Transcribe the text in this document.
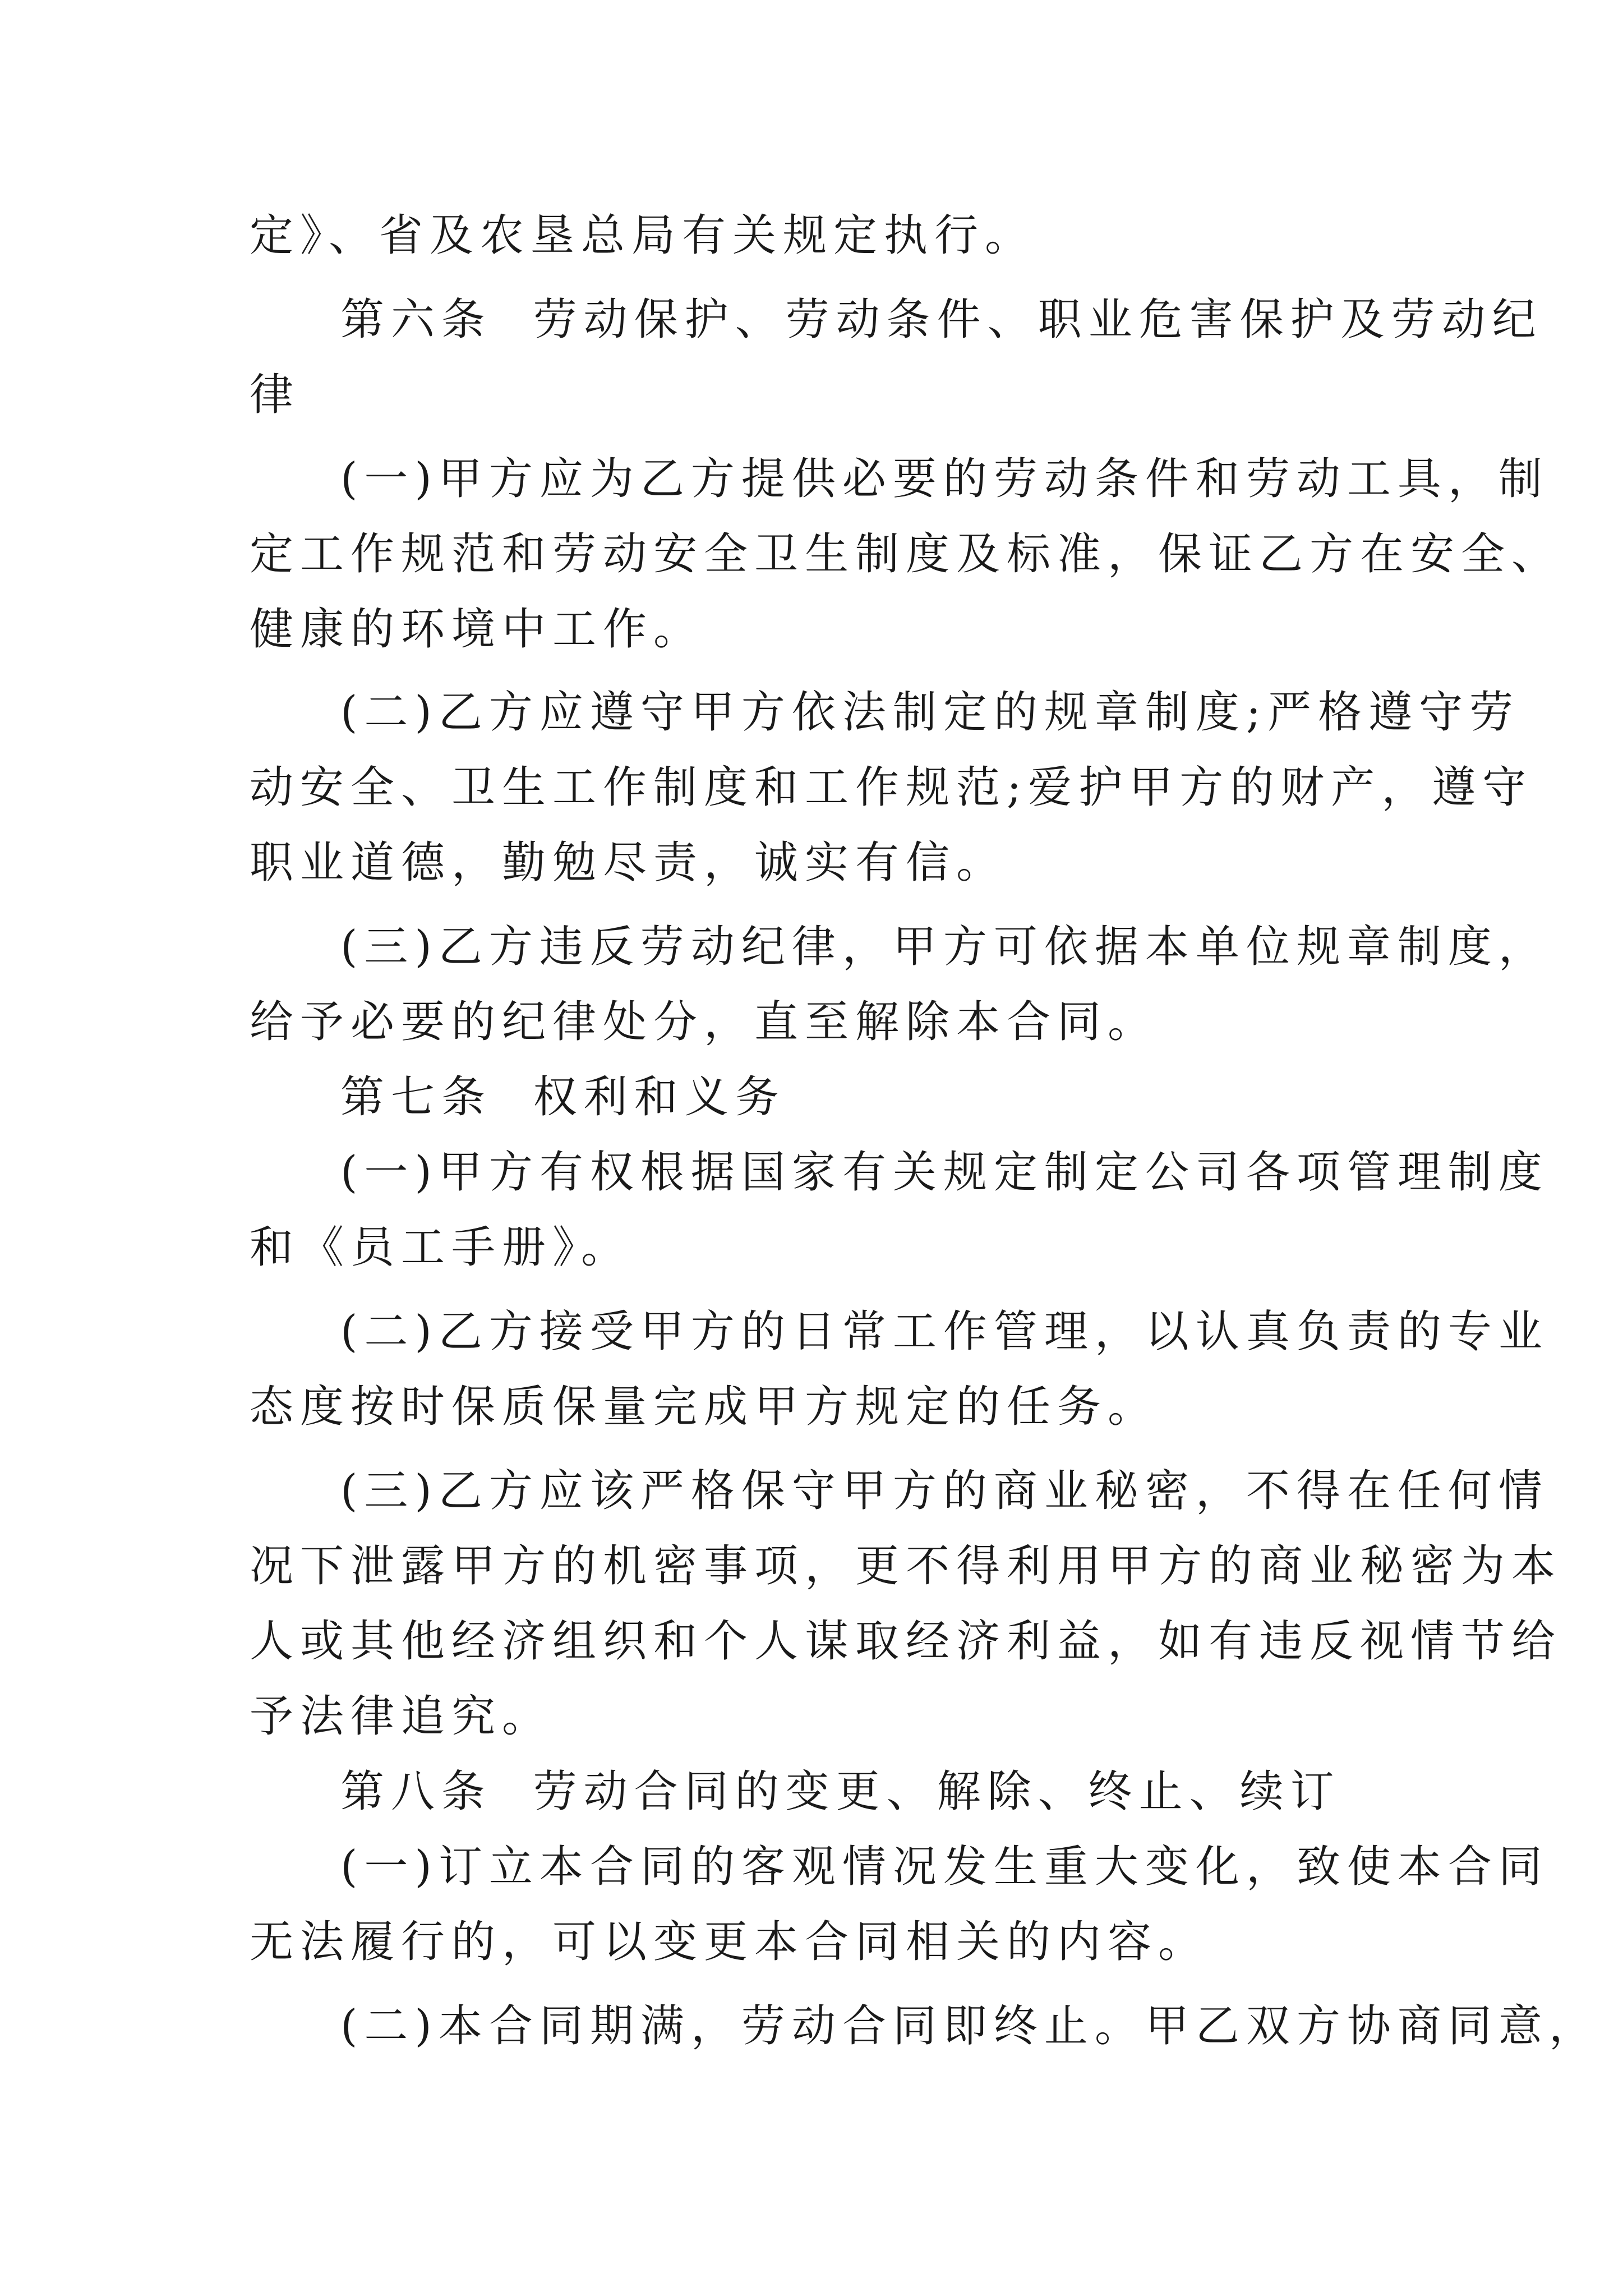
定》、省及农垦总局有关规定执行。
第六条  劳动保护、劳动条件、职业危害保护及劳动纪
律
(一)甲方应为乙方提供必要的劳动条件和劳动工具，制
定工作规范和劳动安全卫生制度及标准，保证乙方在安全、
健康的环境中工作。
(二)乙方应遵守甲方依法制定的规章制度;严格遵守劳
动安全、卫生工作制度和工作规范;爱护甲方的财产，遵守
职业道德，勤勉尽责，诚实有信。
(三)乙方违反劳动纪律，甲方可依据本单位规章制度，
给予必要的纪律处分，直至解除本合同。
第七条  权利和义务
(一)甲方有权根据国家有关规定制定公司各项管理制度
和《员工手册》。
(二)乙方接受甲方的日常工作管理，以认真负责的专业
态度按时保质保量完成甲方规定的任务。
(三)乙方应该严格保守甲方的商业秘密，不得在任何情
况下泄露甲方的机密事项，更不得利用甲方的商业秘密为本
人或其他经济组织和个人谋取经济利益，如有违反视情节给
予法律追究。
第八条  劳动合同的变更、解除、终止、续订
(一)订立本合同的客观情况发生重大变化，致使本合同
无法履行的，可以变更本合同相关的内容。
(二)本合同期满，劳动合同即终止。甲乙双方协商同意，
